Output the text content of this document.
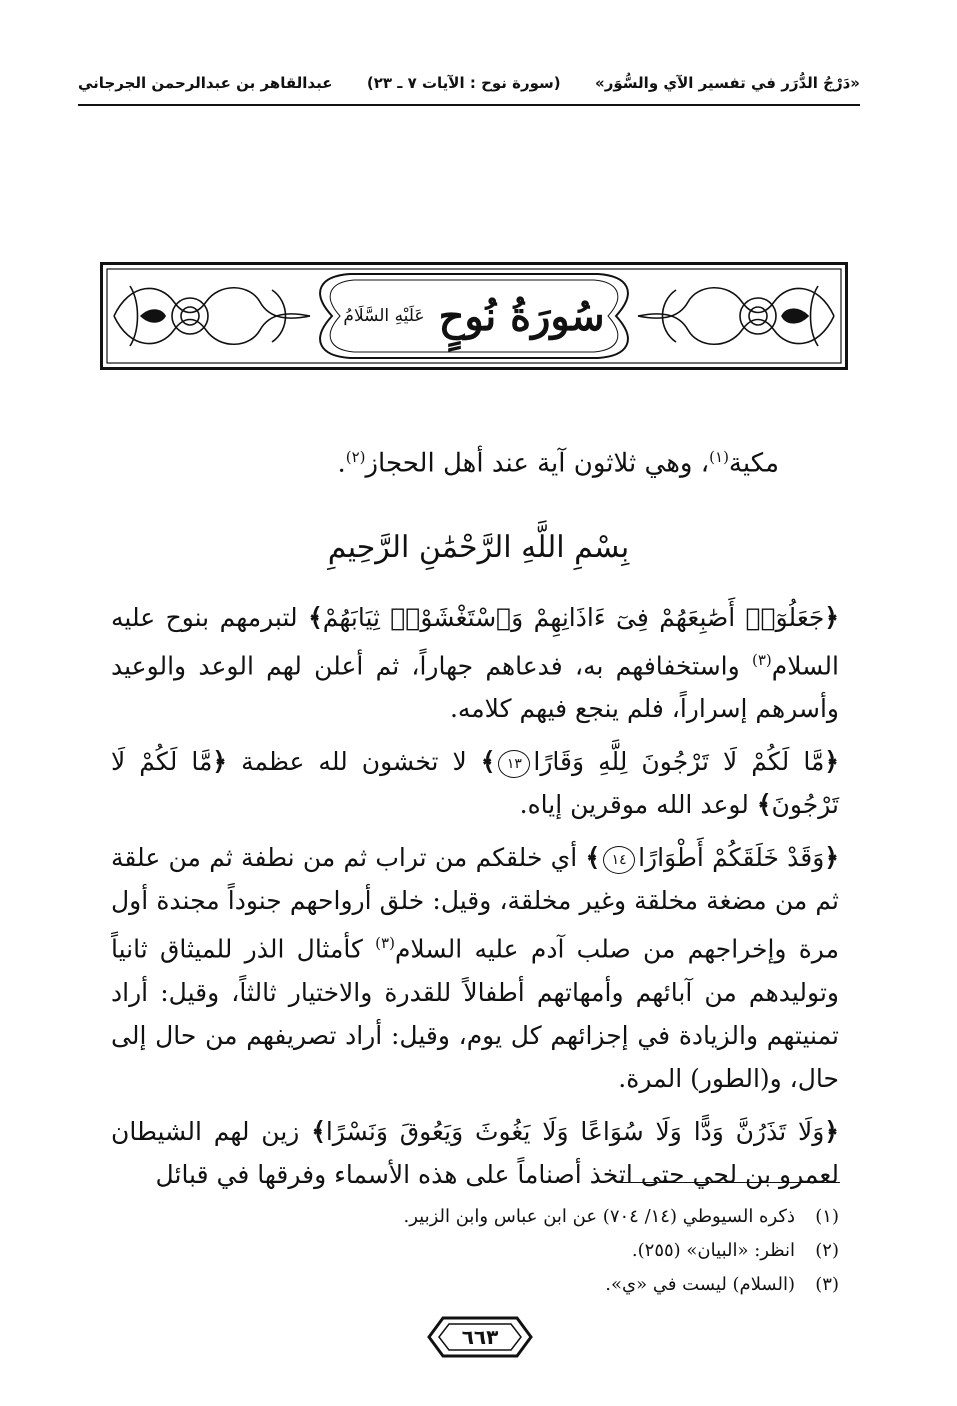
«دَرْجُ الدُّرَر في تفسير الآي والسُّوَر»
(سورة نوح : الآيات ٧ ـ ٢٣)
عبدالقاهر بن عبدالرحمن الجرجاني
سُورَةُ نُوحٍ
عَلَيْهِ السَّلَامُ
مكية$^{(١)}$، وهي ثلاثون آية عند أهل الحجاز$^{(٢)}$.
بِسْمِ اللَّهِ الرَّحْمَٰنِ الرَّحِيمِ

﴿جَعَلُوٓا۟ أَصَٰبِعَهُمْ فِىٓ ءَاذَانِهِمْ وَٱسْتَغْشَوْا۟ ثِيَابَهُمْ﴾ لتبرمهم بنوح عليه السلام$^{(٣)}$ واستخفافهم به، فدعاهم جهاراً، ثم أعلن لهم الوعد والوعيد وأسرهم إسراراً، فلم ينجع فيهم كلامه.

﴿مَّا لَكُمْ لَا تَرْجُونَ لِلَّهِ وَقَارًا١٣﴾ لا تخشون لله عظمة ﴿مَّا لَكُمْ لَا تَرْجُونَ﴾ لوعد الله موقرين إياه.

﴿وَقَدْ خَلَقَكُمْ أَطْوَارًا١٤﴾ أي خلقكم من تراب ثم من نطفة ثم من علقة ثم من مضغة مخلقة وغير مخلقة، وقيل: خلق أرواحهم جنوداً مجندة أول مرة وإخراجهم من صلب آدم عليه السلام$^{(٣)}$ كأمثال الذر للميثاق ثانياً وتوليدهم من آبائهم وأمهاتهم أطفالاً للقدرة والاختيار ثالثاً، وقيل: أراد تمنيتهم والزيادة في إجزائهم كل يوم، وقيل: أراد تصريفهم من حال إلى حال، و(الطور) المرة.

﴿وَلَا تَذَرُنَّ وَدًّا وَلَا سُوَاعًا وَلَا يَغُوثَ وَيَعُوقَ وَنَسْرًا﴾ زين لهم الشيطان لعمرو بن لحي حتى اتخذ أصناماً على هذه الأسماء وفرقها في قبائل

(١)
ذكره السيوطي (١٤/ ٧٠٤) عن ابن عباس وابن الزبير.
(٢)
انظر: «البيان» (٢٥٥).
(٣)
(السلام) ليست في «ي».
٦٦٣
